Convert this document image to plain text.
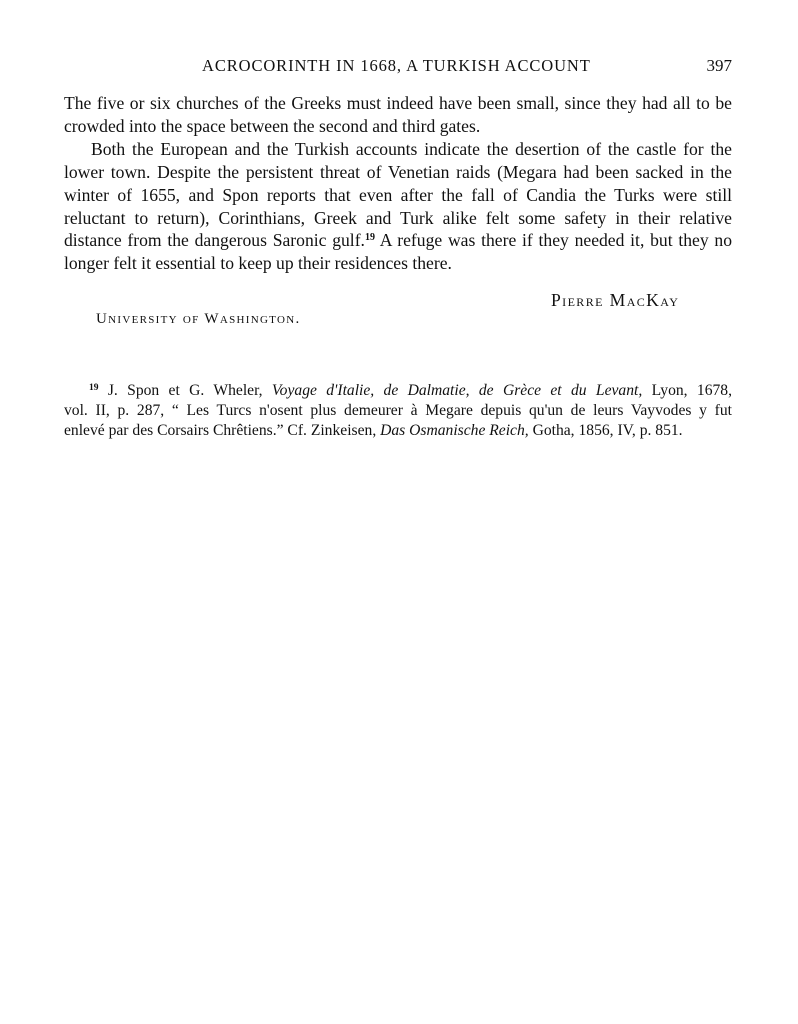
ACROCORINTH IN 1668, A TURKISH ACCOUNT	397

The five or six churches of the Greeks must indeed have been small, since they had all to be crowded into the space between the second and third gates.

Both the European and the Turkish accounts indicate the desertion of the castle for the lower town. Despite the persistent threat of Venetian raids (Megara had been sacked in the winter of 1655, and Spon reports that even after the fall of Candia the Turks were still reluctant to return), Corinthians, Greek and Turk alike felt some safety in their relative distance from the dangerous Saronic gulf.$^{19}$ A refuge was there if they needed it, but they no longer felt it essential to keep up their residences there.

Pierre MacKay
University of Washington.

$^{19}$ J. Spon et G. Wheler, Voyage d'Italie, de Dalmatie, de Grèce et du Levant, Lyon, 1678,
vol. II, p. 287, “ Les Turcs n'osent plus demeurer à Megare depuis qu'un de leurs Vayvodes y fut
enlevé par des Corsairs Chrêtiens.” Cf. Zinkeisen, Das Osmanische Reich, Gotha, 1856, IV, p. 851.
